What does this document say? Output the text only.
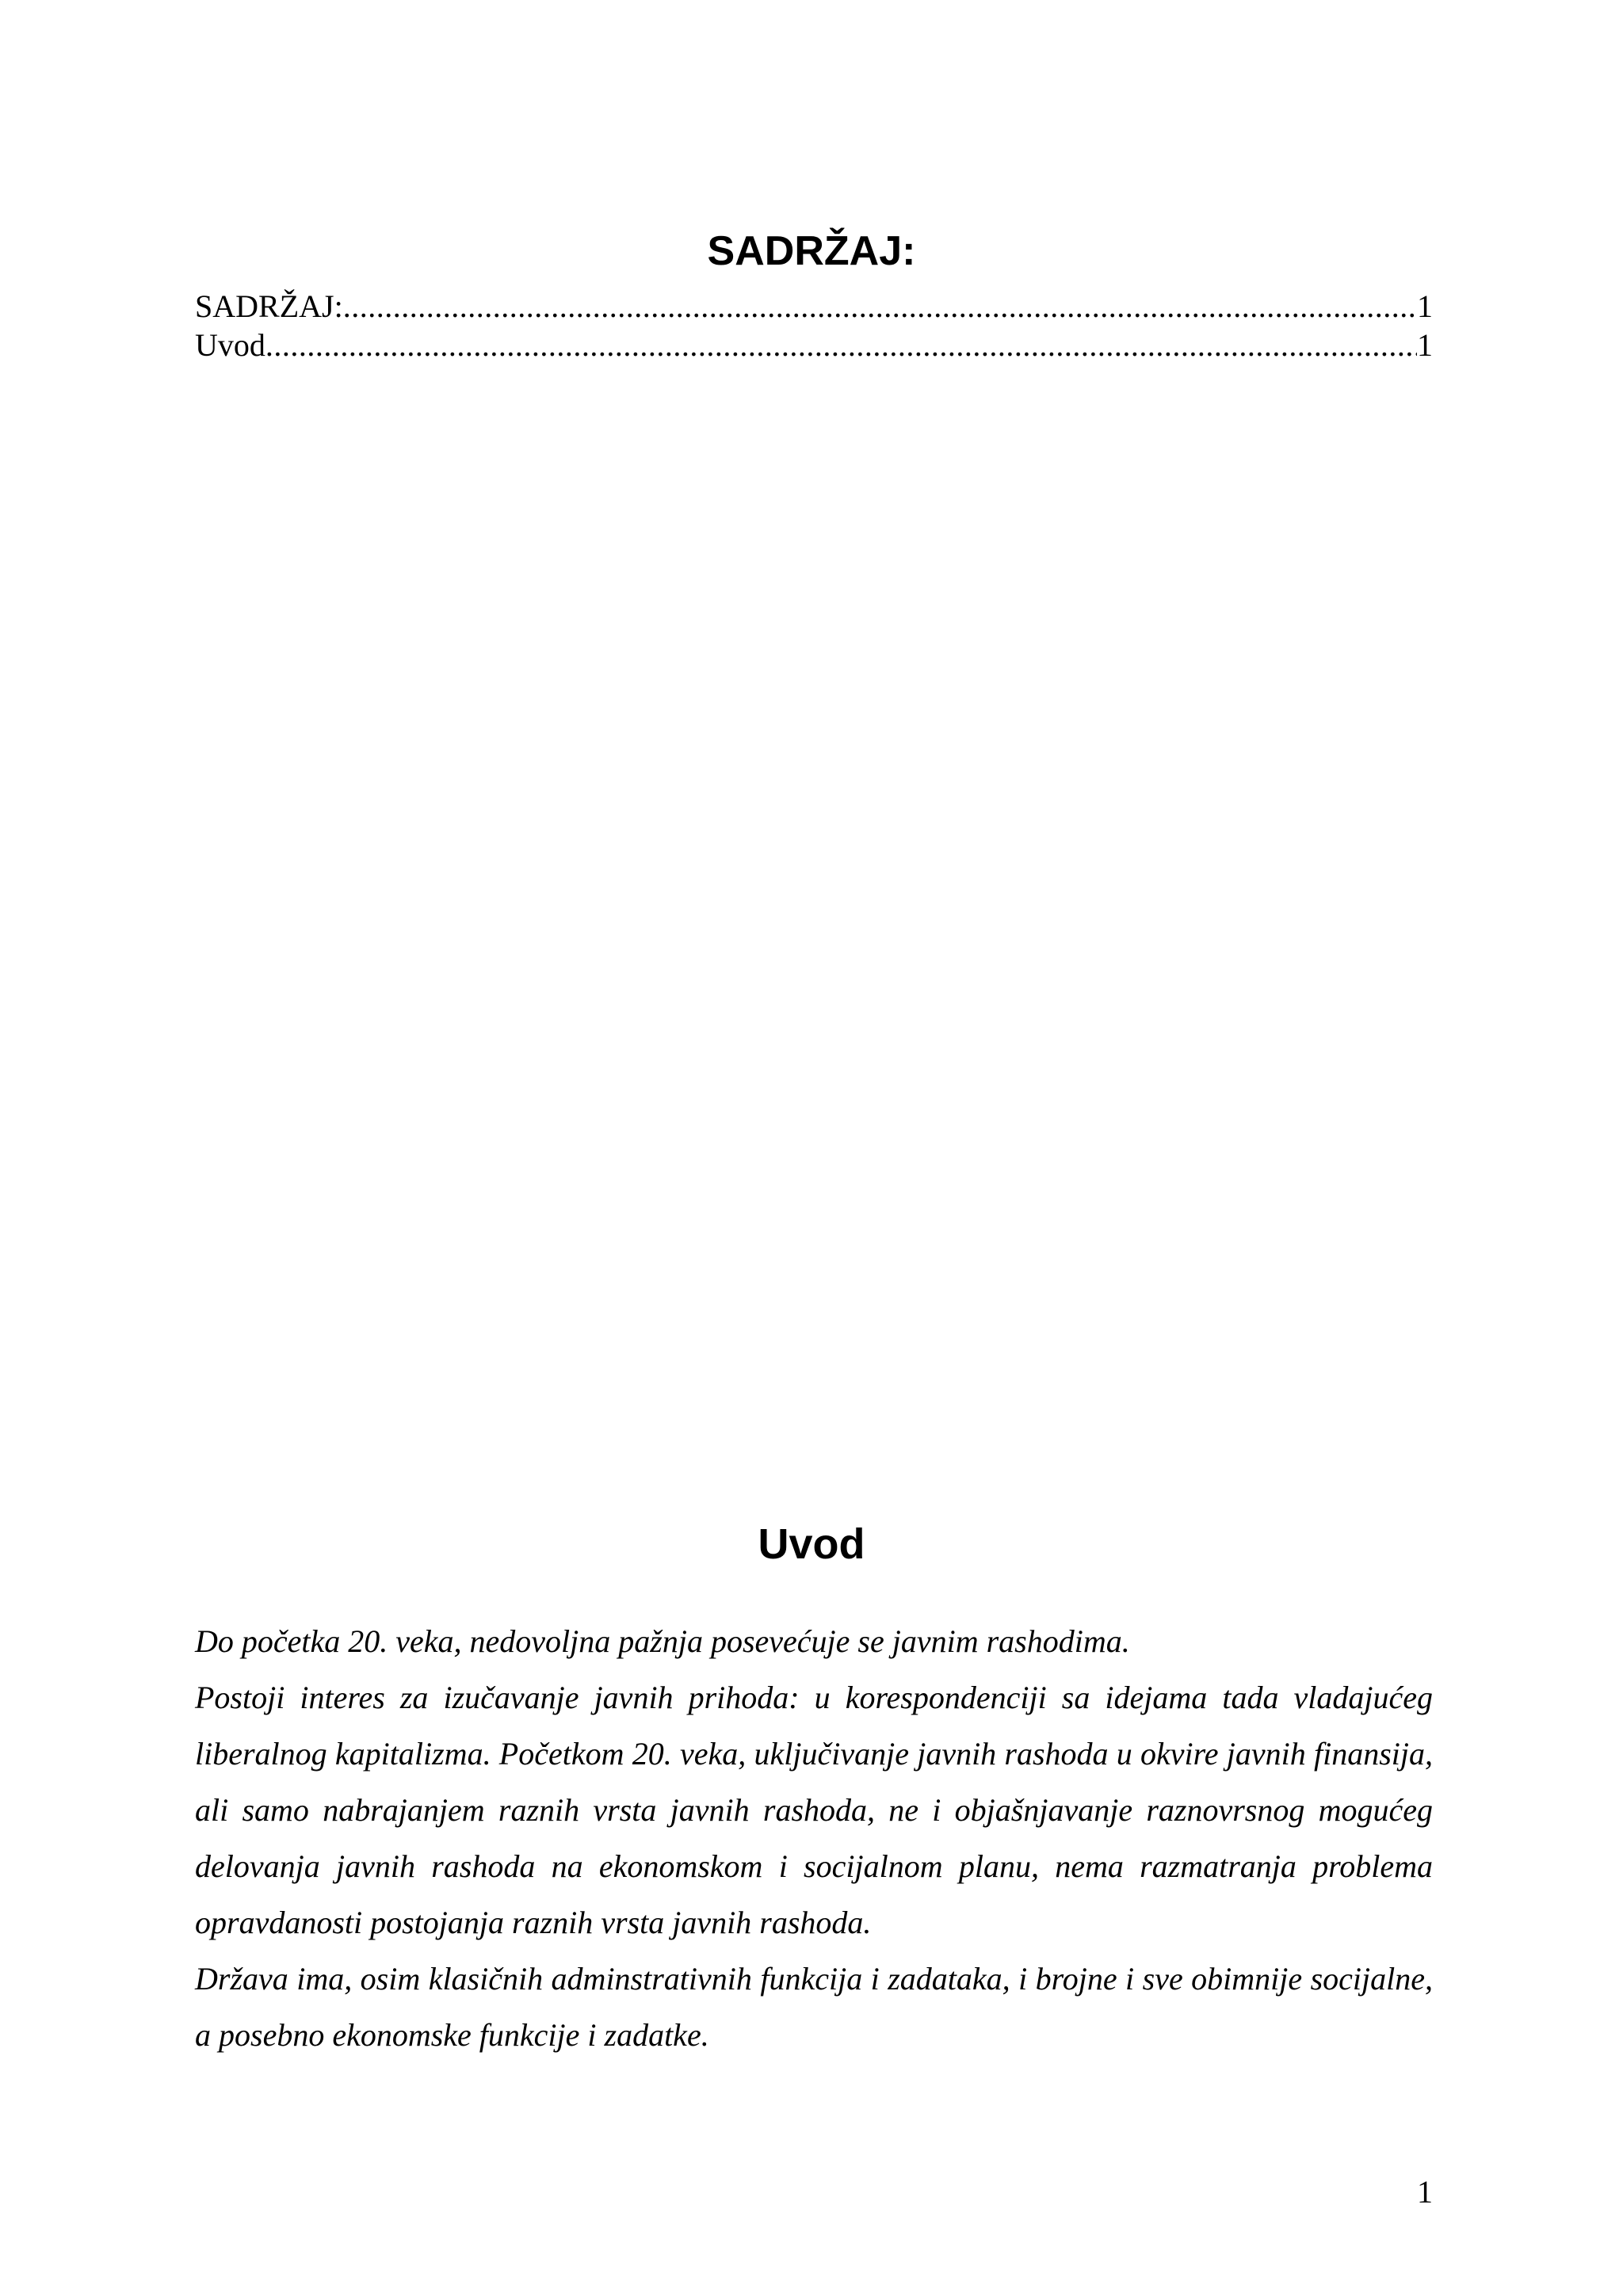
SADRŽAJ:
SADRŽAJ: .....	1
Uvod .....	1
Uvod

Do početka 20. veka, nedovoljna pažnja posevećuje se javnim rashodima.

Postoji interes za izučavanje javnih prihoda: u korespondenciji sa idejama tada vladajućeg liberalnog kapitalizma. Početkom 20. veka, uključivanje javnih rashoda u okvire javnih finansija, ali samo nabrajanjem raznih vrsta javnih rashoda, ne i objašnjavanje raznovrsnog mogućeg delovanja javnih rashoda na ekonomskom i socijalnom planu, nema razmatranja problema opravdanosti postojanja raznih vrsta javnih rashoda.

Država ima, osim klasičnih adminstrativnih funkcija i zadataka, i brojne i sve obimnije socijalne, a posebno ekonomske funkcije i zadatke.

1
